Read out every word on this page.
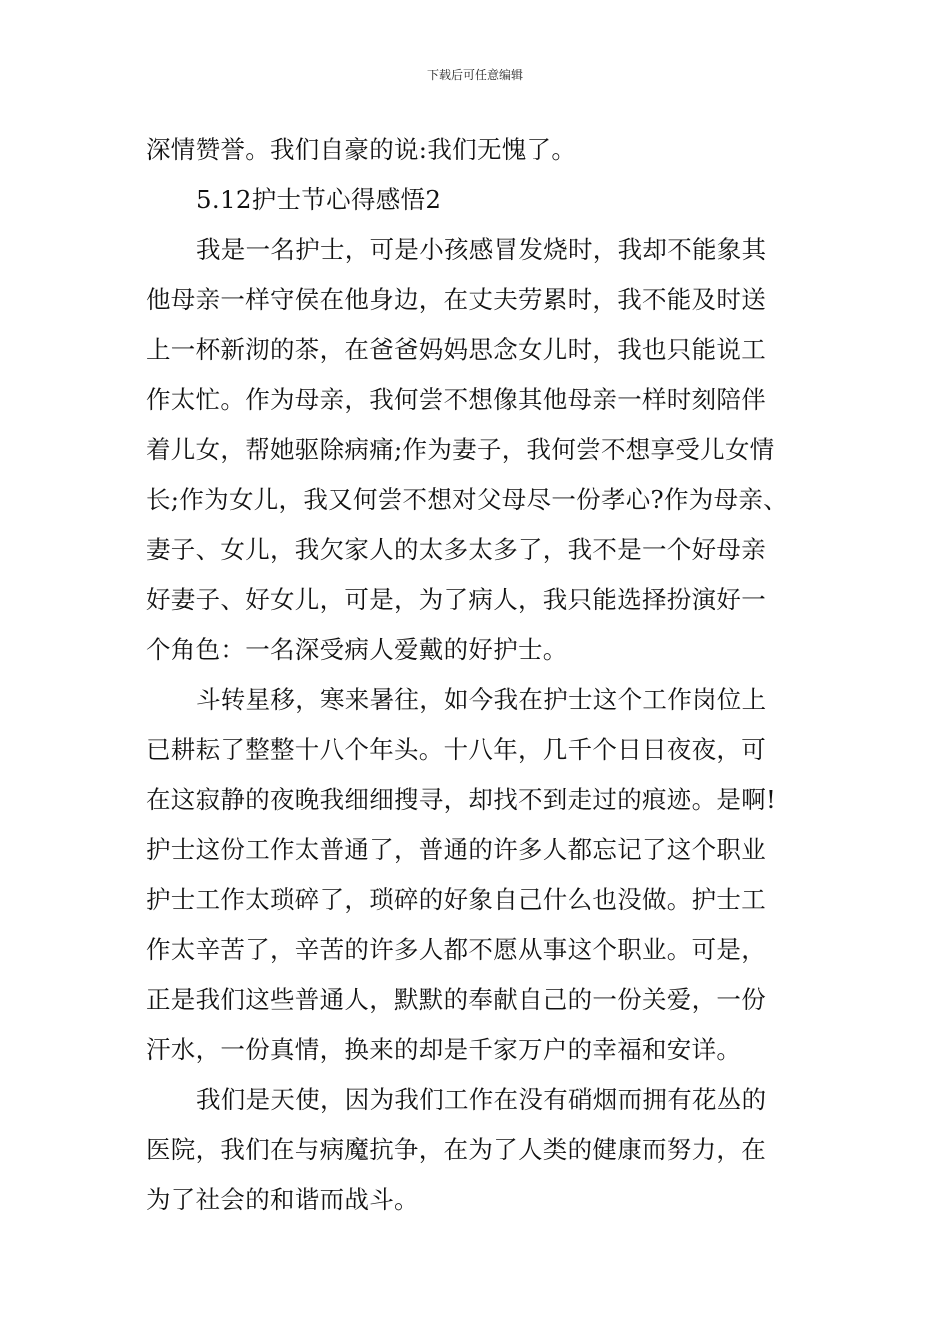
下载后可任意编辑
深情赞誉。我们自豪的说:我们无愧了。
5.12护士节心得感悟2
我是一名护士，可是小孩感冒发烧时，我却不能象其
他母亲一样守侯在他身边，在丈夫劳累时，我不能及时送
上一杯新沏的茶，在爸爸妈妈思念女儿时，我也只能说工
作太忙。作为母亲，我何尝不想像其他母亲一样时刻陪伴
着儿女，帮她驱除病痛;作为妻子，我何尝不想享受儿女情
长;作为女儿，我又何尝不想对父母尽一份孝心?作为母亲、
妻子、女儿，我欠家人的太多太多了，我不是一个好母亲
好妻子、好女儿，可是，为了病人，我只能选择扮演好一
个角色：一名深受病人爱戴的好护士。
斗转星移，寒来暑往，如今我在护士这个工作岗位上
已耕耘了整整十八个年头。十八年，几千个日日夜夜，可
在这寂静的夜晚我细细搜寻，却找不到走过的痕迹。是啊!
护士这份工作太普通了，普通的许多人都忘记了这个职业
护士工作太琐碎了，琐碎的好象自己什么也没做。护士工
作太辛苦了，辛苦的许多人都不愿从事这个职业。可是，
正是我们这些普通人，默默的奉献自己的一份关爱，一份
汗水，一份真情，换来的却是千家万户的幸福和安详。
我们是天使，因为我们工作在没有硝烟而拥有花丛的
医院，我们在与病魔抗争，在为了人类的健康而努力，在
为了社会的和谐而战斗。
